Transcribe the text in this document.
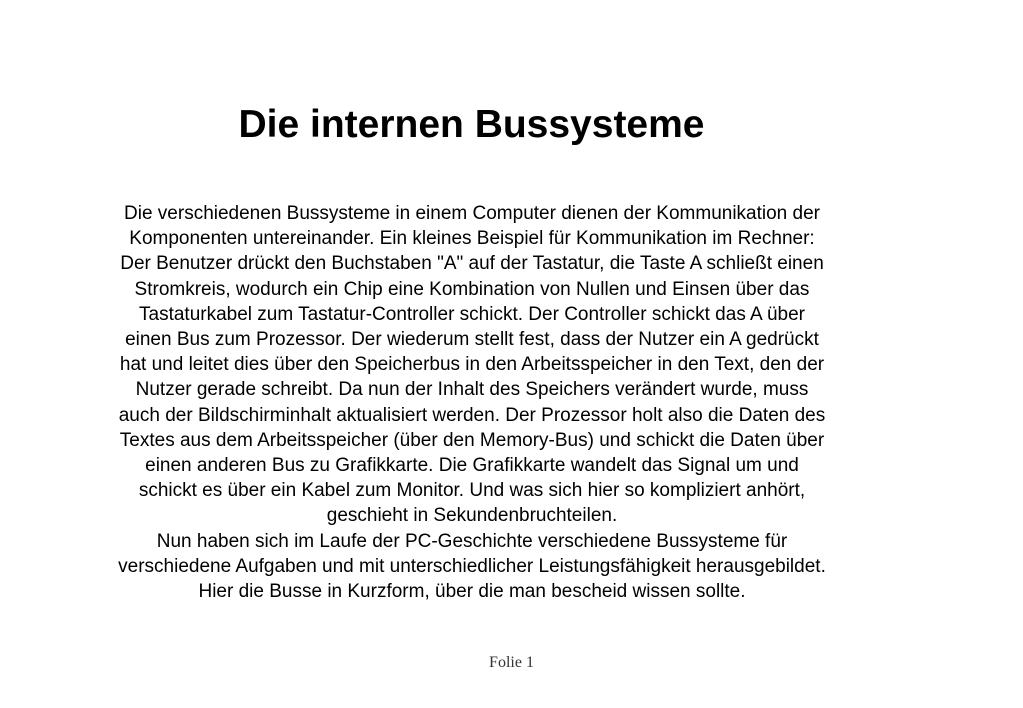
Die internen Bussysteme

Die verschiedenen Bussysteme in einem Computer dienen der Kommunikation der Komponenten untereinander. Ein kleines Beispiel für Kommunikation im Rechner: Der Benutzer drückt den Buchstaben "A" auf der Tastatur, die Taste A schließt einen Stromkreis, wodurch ein Chip eine Kombination von Nullen und Einsen über das Tastaturkabel zum Tastatur-Controller schickt. Der Controller schickt das A über einen Bus zum Prozessor. Der wiederum stellt fest, dass der Nutzer ein A gedrückt hat und leitet dies über den Speicherbus in den Arbeitsspeicher in den Text, den der Nutzer gerade schreibt. Da nun der Inhalt des Speichers verändert wurde, muss auch der Bildschirminhalt aktualisiert werden. Der Prozessor holt also die Daten des Textes aus dem Arbeitsspeicher (über den Memory-Bus) und schickt die Daten über einen anderen Bus zu Grafikkarte. Die Grafikkarte wandelt das Signal um und schickt es über ein Kabel zum Monitor. Und was sich hier so kompliziert anhört, geschieht in Sekundenbruchteilen.

Nun haben sich im Laufe der PC-Geschichte verschiedene Bussysteme für verschiedene Aufgaben und mit unterschiedlicher Leistungsfähigkeit herausgebildet. Hier die Busse in Kurzform, über die man bescheid wissen sollte.

Folie 1
